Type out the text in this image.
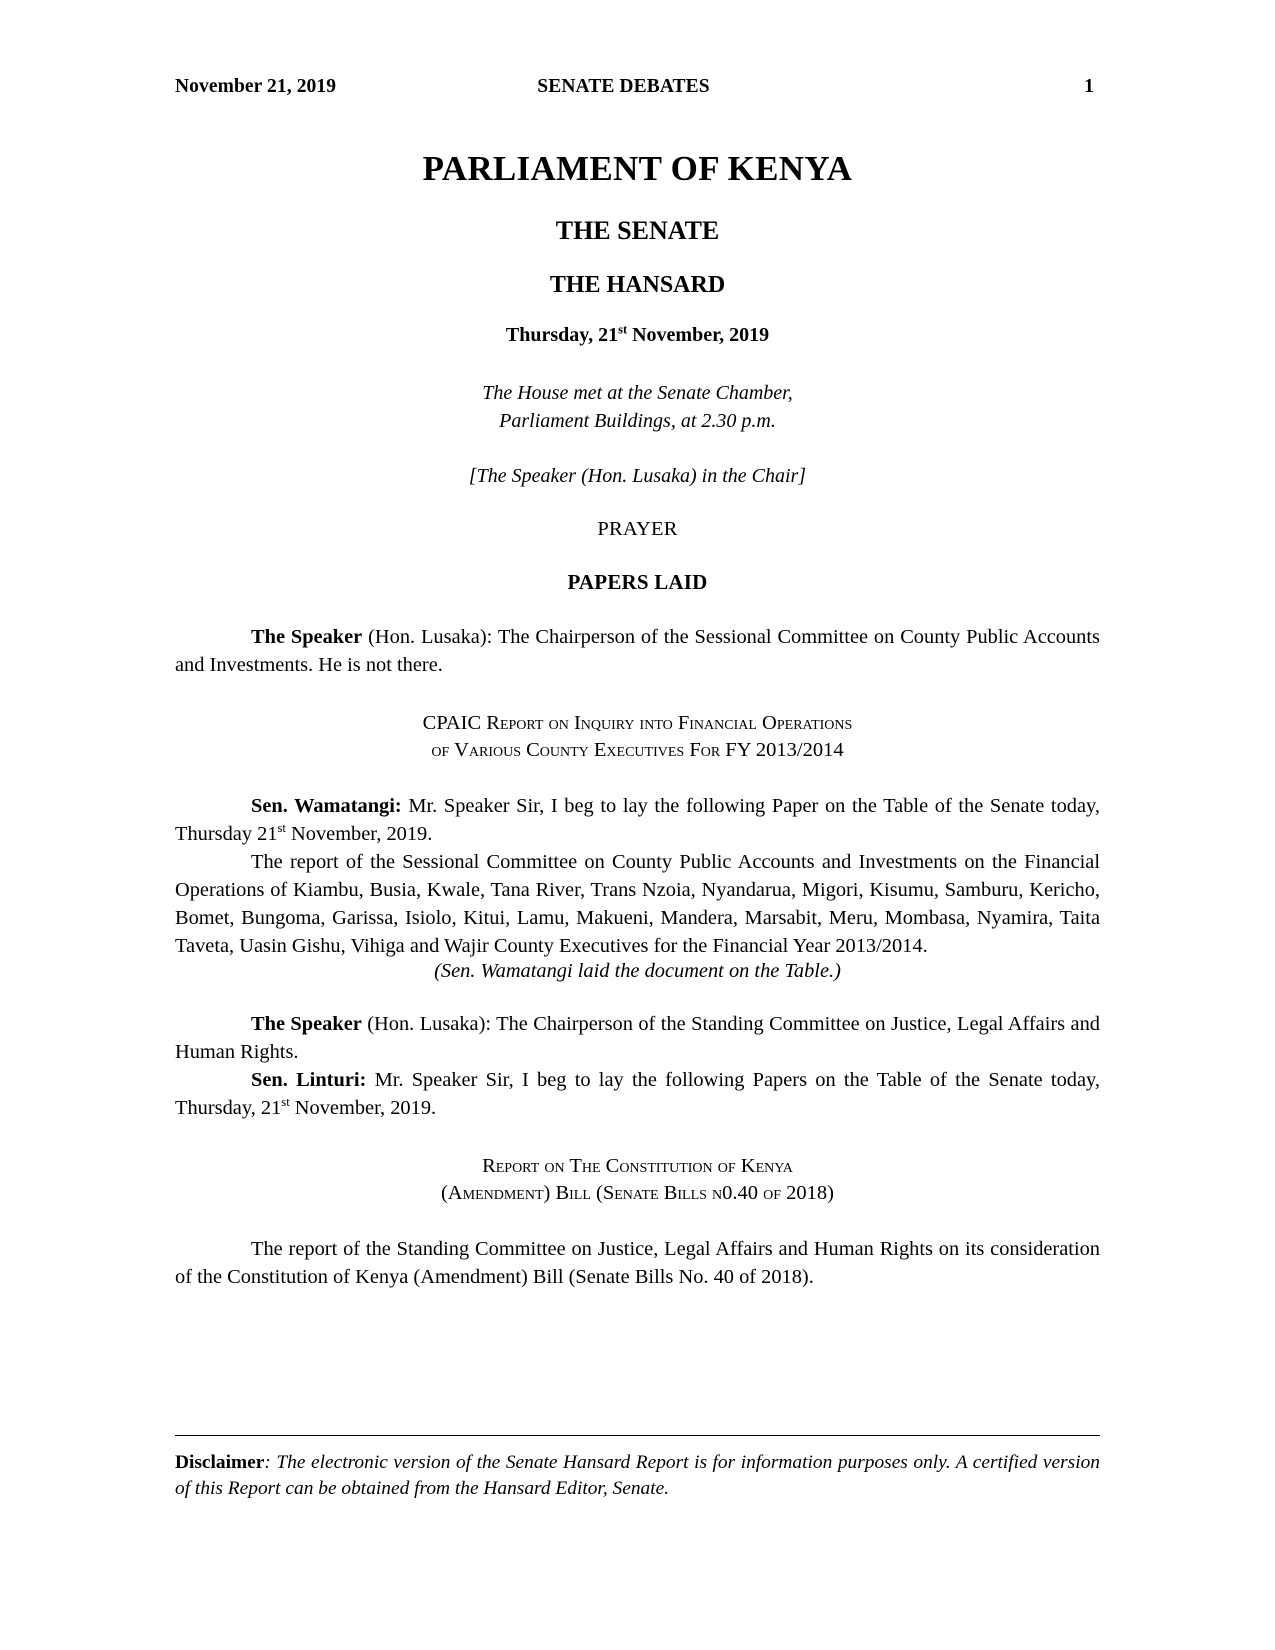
November 21, 2019	SENATE DEBATES	1
PARLIAMENT OF KENYA
THE SENATE
THE HANSARD
Thursday, 21st November, 2019
The House met at the Senate Chamber,
Parliament Buildings, at 2.30 p.m.
[The Speaker (Hon. Lusaka) in the Chair]
PRAYER
PAPERS LAID

The Speaker (Hon. Lusaka): The Chairperson of the Sessional Committee on County Public Accounts and Investments. He is not there.

CPAIC Report on Inquiry into Financial Operations
of Various County Executives For FY 2013/2014

Sen. Wamatangi: Mr. Speaker Sir, I beg to lay the following Paper on the Table of the Senate today, Thursday 21st November, 2019.

The report of the Sessional Committee on County Public Accounts and Investments on the Financial Operations of Kiambu, Busia, Kwale, Tana River, Trans Nzoia, Nyandarua, Migori, Kisumu, Samburu, Kericho, Bomet, Bungoma, Garissa, Isiolo, Kitui, Lamu, Makueni, Mandera, Marsabit, Meru, Mombasa, Nyamira, Taita Taveta, Uasin Gishu, Vihiga and Wajir County Executives for the Financial Year 2013/2014.

(Sen. Wamatangi laid the document on the Table.)

The Speaker (Hon. Lusaka): The Chairperson of the Standing Committee on Justice, Legal Affairs and Human Rights.

Sen. Linturi: Mr. Speaker Sir, I beg to lay the following Papers on the Table of the Senate today, Thursday, 21st November, 2019.

Report on The Constitution of Kenya
(Amendment) Bill (Senate Bills n0.40 of 2018)

The report of the Standing Committee on Justice, Legal Affairs and Human Rights on its consideration of the Constitution of Kenya (Amendment) Bill (Senate Bills No. 40 of 2018).

Disclaimer: The electronic version of the Senate Hansard Report is for information purposes only. A certified version of this Report can be obtained from the Hansard Editor, Senate.
